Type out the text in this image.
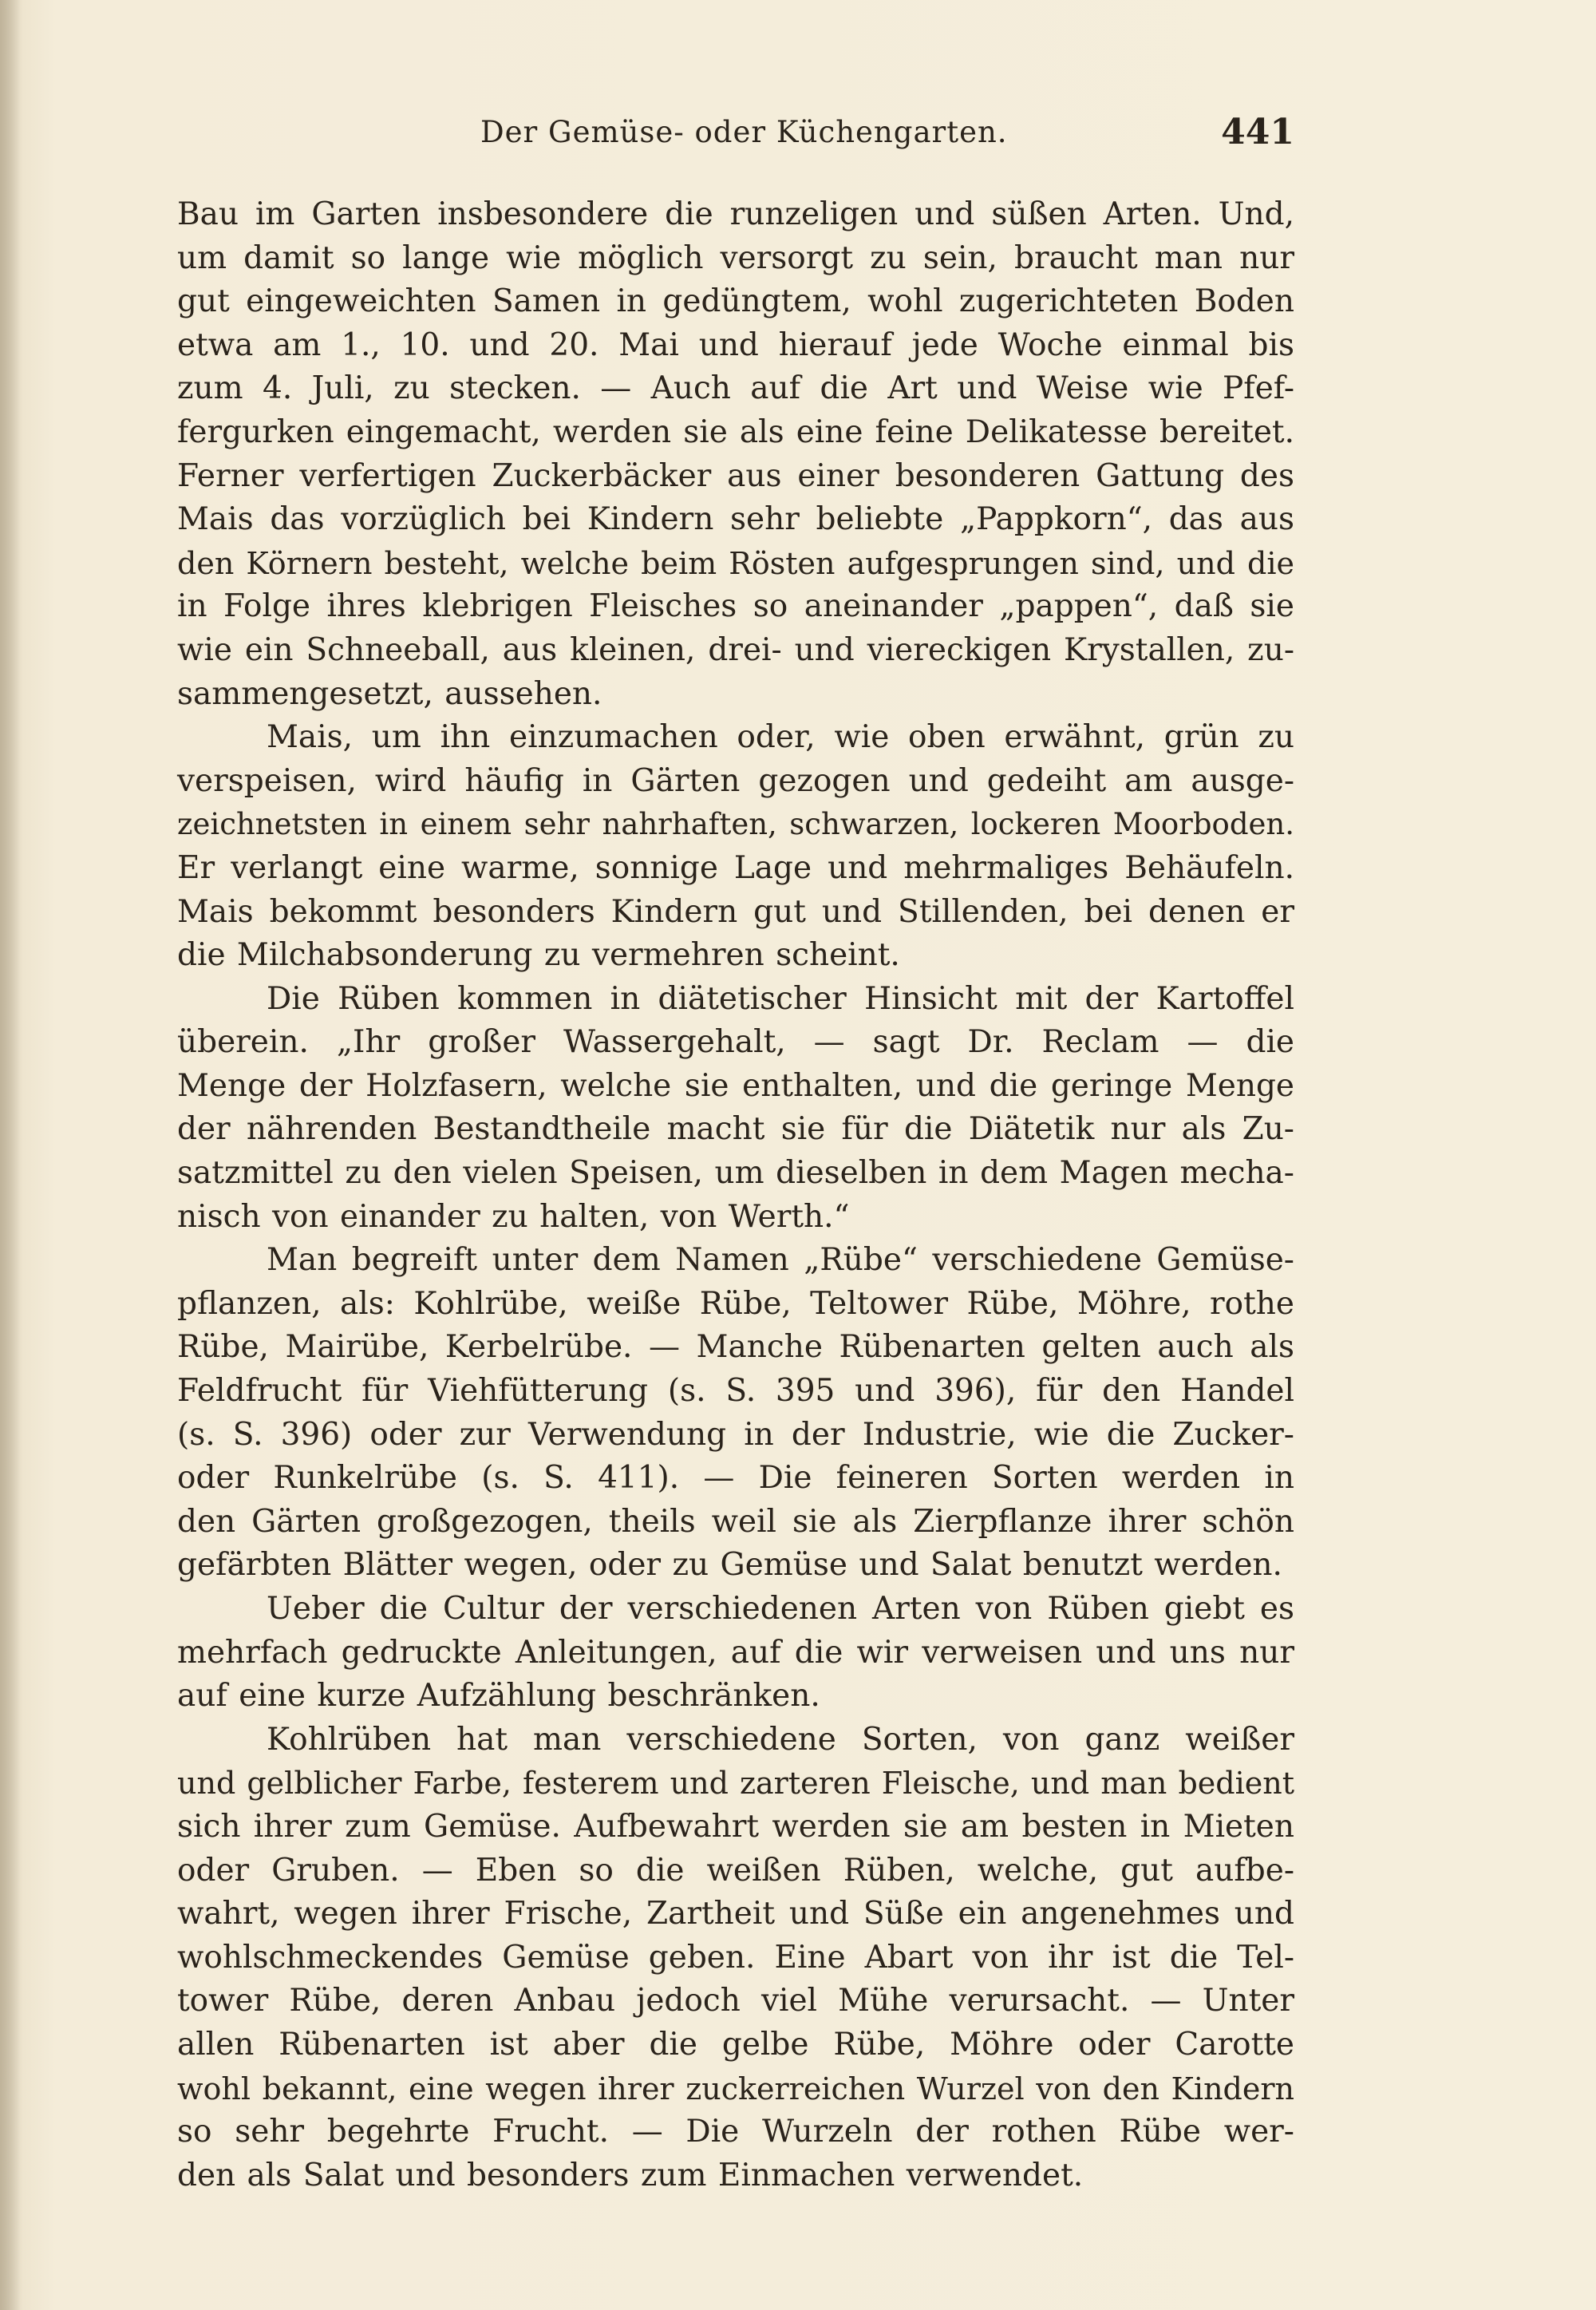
Der Gemüse- oder Küchengarten.	441
Bau im Garten insbesondere die runzeligen und süßen Arten. Und,
um damit so lange wie möglich versorgt zu sein, braucht man nur
gut eingeweichten Samen in gedüngtem, wohl zugerichteten Boden
etwa am 1., 10. und 20. Mai und hierauf jede Woche einmal bis
zum 4. Juli, zu stecken. — Auch auf die Art und Weise wie Pfef-
fergurken eingemacht, werden sie als eine feine Delikatesse bereitet.
Ferner verfertigen Zuckerbäcker aus einer besonderen Gattung des
Mais das vorzüglich bei Kindern sehr beliebte „Pappkorn“, das aus
den Körnern besteht, welche beim Rösten aufgesprungen sind, und die
in Folge ihres klebrigen Fleisches so aneinander „pappen“, daß sie
wie ein Schneeball, aus kleinen, drei- und viereckigen Krystallen, zu-
sammengesetzt, aussehen.
Mais, um ihn einzumachen oder, wie oben erwähnt, grün zu
verspeisen, wird häufig in Gärten gezogen und gedeiht am ausge-
zeichnetsten in einem sehr nahrhaften, schwarzen, lockeren Moorboden.
Er verlangt eine warme, sonnige Lage und mehrmaliges Behäufeln.
Mais bekommt besonders Kindern gut und Stillenden, bei denen er
die Milchabsonderung zu vermehren scheint.
Die Rüben kommen in diätetischer Hinsicht mit der Kartoffel
überein. „Ihr großer Wassergehalt, — sagt Dr. Reclam — die
Menge der Holzfasern, welche sie enthalten, und die geringe Menge
der nährenden Bestandtheile macht sie für die Diätetik nur als Zu-
satzmittel zu den vielen Speisen, um dieselben in dem Magen mecha-
nisch von einander zu halten, von Werth.“
Man begreift unter dem Namen „Rübe“ verschiedene Gemüse-
pflanzen, als: Kohlrübe, weiße Rübe, Teltower Rübe, Möhre, rothe
Rübe, Mairübe, Kerbelrübe. — Manche Rübenarten gelten auch als
Feldfrucht für Viehfütterung (s. S. 395 und 396), für den Handel
(s. S. 396) oder zur Verwendung in der Industrie, wie die Zucker-
oder Runkelrübe (s. S. 411). — Die feineren Sorten werden in
den Gärten großgezogen, theils weil sie als Zierpflanze ihrer schön
gefärbten Blätter wegen, oder zu Gemüse und Salat benutzt werden.
Ueber die Cultur der verschiedenen Arten von Rüben giebt es
mehrfach gedruckte Anleitungen, auf die wir verweisen und uns nur
auf eine kurze Aufzählung beschränken.
Kohlrüben hat man verschiedene Sorten, von ganz weißer
und gelblicher Farbe, festerem und zarteren Fleische, und man bedient
sich ihrer zum Gemüse. Aufbewahrt werden sie am besten in Mieten
oder Gruben. — Eben so die weißen Rüben, welche, gut aufbe-
wahrt, wegen ihrer Frische, Zartheit und Süße ein angenehmes und
wohlschmeckendes Gemüse geben. Eine Abart von ihr ist die Tel-
tower Rübe, deren Anbau jedoch viel Mühe verursacht. — Unter
allen Rübenarten ist aber die gelbe Rübe, Möhre oder Carotte
wohl bekannt, eine wegen ihrer zuckerreichen Wurzel von den Kindern
so sehr begehrte Frucht. — Die Wurzeln der rothen Rübe wer-
den als Salat und besonders zum Einmachen verwendet.
